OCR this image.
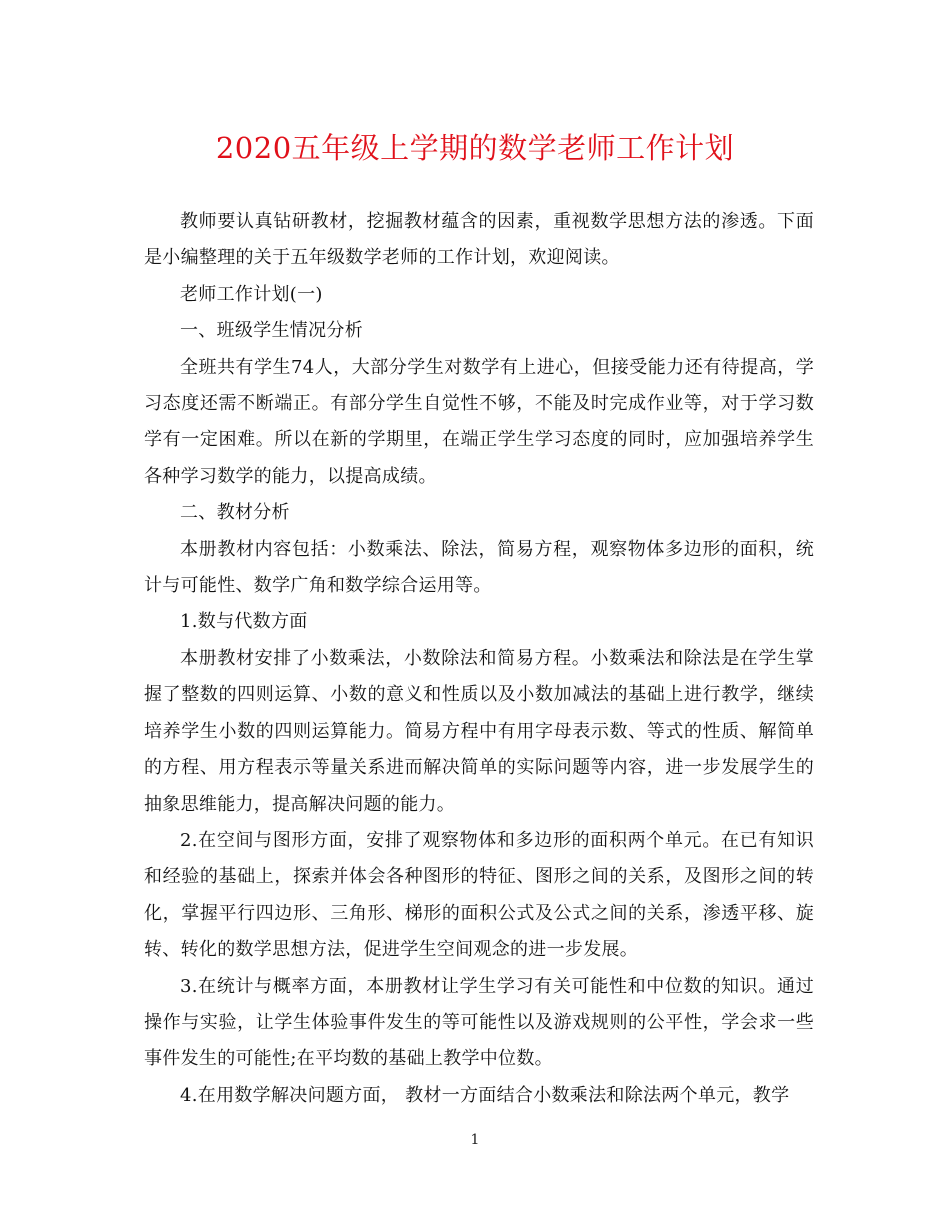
2020五年级上学期的数学老师工作计划

教师要认真钻研教材，挖掘教材蕴含的因素，重视数学思想方法的渗透。下面是小编整理的关于五年级数学老师的工作计划，欢迎阅读。

老师工作计划(一)

一、班级学生情况分析

全班共有学生74人，大部分学生对数学有上进心，但接受能力还有待提高，学习态度还需不断端正。有部分学生自觉性不够，不能及时完成作业等，对于学习数学有一定困难。所以在新的学期里，在端正学生学习态度的同时，应加强培养学生各种学习数学的能力，以提高成绩。

二、教材分析

本册教材内容包括：小数乘法、除法，简易方程，观察物体多边形的面积，统计与可能性、数学广角和数学综合运用等。

1.数与代数方面

本册教材安排了小数乘法，小数除法和简易方程。小数乘法和除法是在学生掌握了整数的四则运算、小数的意义和性质以及小数加减法的基础上进行教学，继续培养学生小数的四则运算能力。简易方程中有用字母表示数、等式的性质、解简单的方程、用方程表示等量关系进而解决简单的实际问题等内容，进一步发展学生的抽象思维能力，提高解决问题的能力。

2.在空间与图形方面，安排了观察物体和多边形的面积两个单元。在已有知识和经验的基础上，探索并体会各种图形的特征、图形之间的关系，及图形之间的转化，掌握平行四边形、三角形、梯形的面积公式及公式之间的关系，渗透平移、旋转、转化的数学思想方法，促进学生空间观念的进一步发展。

3.在统计与概率方面，本册教材让学生学习有关可能性和中位数的知识。通过操作与实验，让学生体验事件发生的等可能性以及游戏规则的公平性，学会求一些事件发生的可能性;在平均数的基础上教学中位数。

4.在用数学解决问题方面， 教材一方面结合小数乘法和除法两个单元，教学

1
